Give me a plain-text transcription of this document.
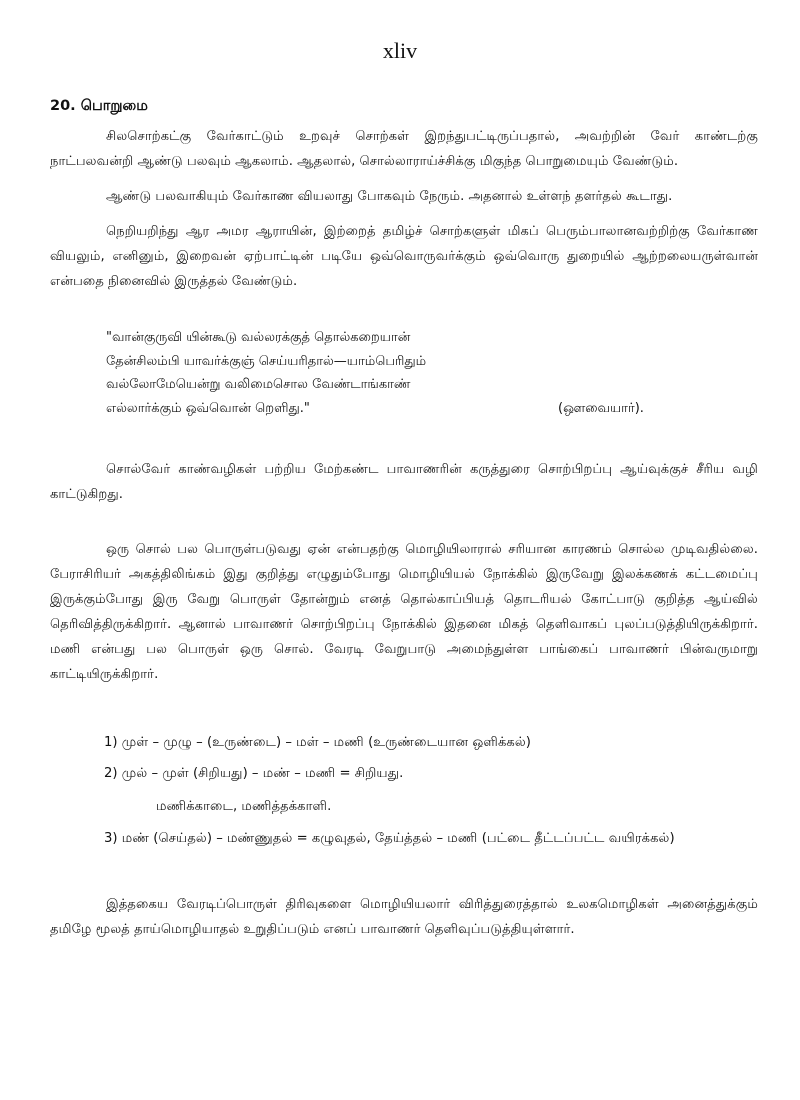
xliv
20. பொறுமை

சிலசொற்கட்கு வேர்காட்டும் உறவுச் சொற்கள் இறந்துபட்டிருப்பதால், அவற்றின் வேர் காண்டற்கு நாட்பலவன்றி ஆண்டு பலவும் ஆகலாம். ஆதலால், சொல்லாராய்ச்சிக்கு மிகுந்த பொறுமையும் வேண்டும்.

ஆண்டு பலவாகியும் வேர்காண வியலாது போகவும் நேரும். அதனால் உள்ளந் தளர்தல் கூடாது.

நெறியறிந்து ஆர அமர ஆராயின், இற்றைத் தமிழ்ச் சொற்களுள் மிகப் பெரும்பாலானவற்றிற்கு வேர்காண வியலும், எனினும், இறைவன் ஏற்பாட்டின் படியே ஒவ்வொருவர்க்கும் ஒவ்வொரு துறையில் ஆற்றலையருள்வான் என்பதை நினைவில் இருத்தல் வேண்டும்.

"வான்குருவி யின்கூடு வல்லரக்குத் தொல்கறையான்
தேன்சிலம்பி யாவர்க்குஞ் செய்யரிதால்—யாம்பெரிதும்
வல்லோமேயென்று வலிமைசொல வேண்டாங்காண்
எல்லார்க்கும் ஒவ்வொன் றெளிது."	(ஔவையார்).

சொல்வேர் காண்வழிகள் பற்றிய மேற்கண்ட பாவாணரின் கருத்துரை சொற்பிறப்பு ஆய்வுக்குச் சீரிய வழி காட்டுகிறது.

ஒரு சொல் பல பொருள்படுவது ஏன் என்பதற்கு மொழியிலாரால் சரியான காரணம் சொல்ல முடிவதில்லை. பேராசிரியர் அகத்திலிங்கம் இது குறித்து எழுதும்போது மொழியியல் நோக்கில் இருவேறு இலக்கணக் கட்டமைப்பு இருக்கும்போது இரு வேறு பொருள் தோன்றும் எனத் தொல்காப்பியத் தொடரியல் கோட்பாடு குறித்த ஆய்வில் தெரிவித்திருக்கிறார். ஆனால் பாவாணர் சொற்பிறப்பு நோக்கில் இதனை மிகத் தெளிவாகப் புலப்படுத்தியிருக்கிறார். மணி என்பது பல பொருள் ஒரு சொல். வேரடி வேறுபாடு அமைந்துள்ள பாங்கைப் பாவாணர் பின்வருமாறு காட்டியிருக்கிறார்.

1) முள் – முழு – (உருண்டை) – மள் – மணி (உருண்டையான ஒளிக்கல்)
2) முல் – முள் (சிறியது) – மண் – மணி = சிறியது.
மணிக்காடை, மணித்தக்காளி.
3) மண் (செய்தல்) – மண்ணுதல் = கழுவுதல், தேய்த்தல் – மணி (பட்டை தீட்டப்பட்ட வயிரக்கல்)

இத்தகைய வேரடிப்பொருள் திரிவுகளை மொழியியலார் விரித்துரைத்தால் உலகமொழிகள் அனைத்துக்கும் தமிழே மூலத் தாய்மொழியாதல் உறுதிப்படும் எனப் பாவாணர் தெளிவுப்படுத்தியுள்ளார்.
